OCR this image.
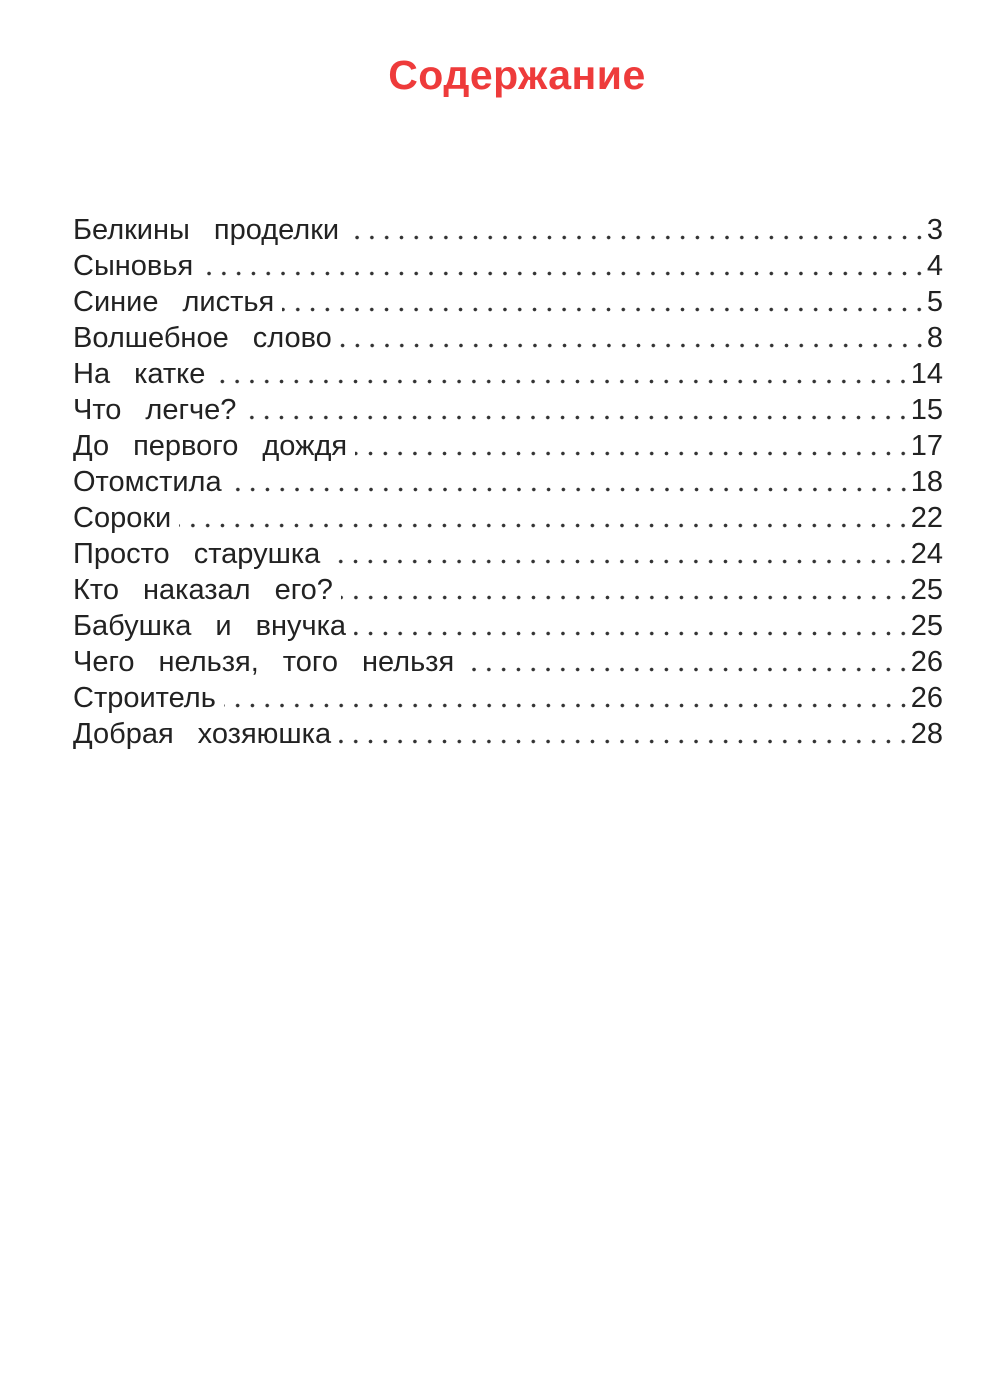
Содержание
Белкины проделки	3
Сыновья	4
Синие листья	5
Волшебное слово	8
На катке	14
Что легче?	15
До первого дождя	17
Отомстила	18
Сороки	22
Просто старушка	24
Кто наказал его?	25
Бабушка и внучка	25
Чего нельзя, того нельзя	26
Строитель	26
Добрая хозяюшка	28
